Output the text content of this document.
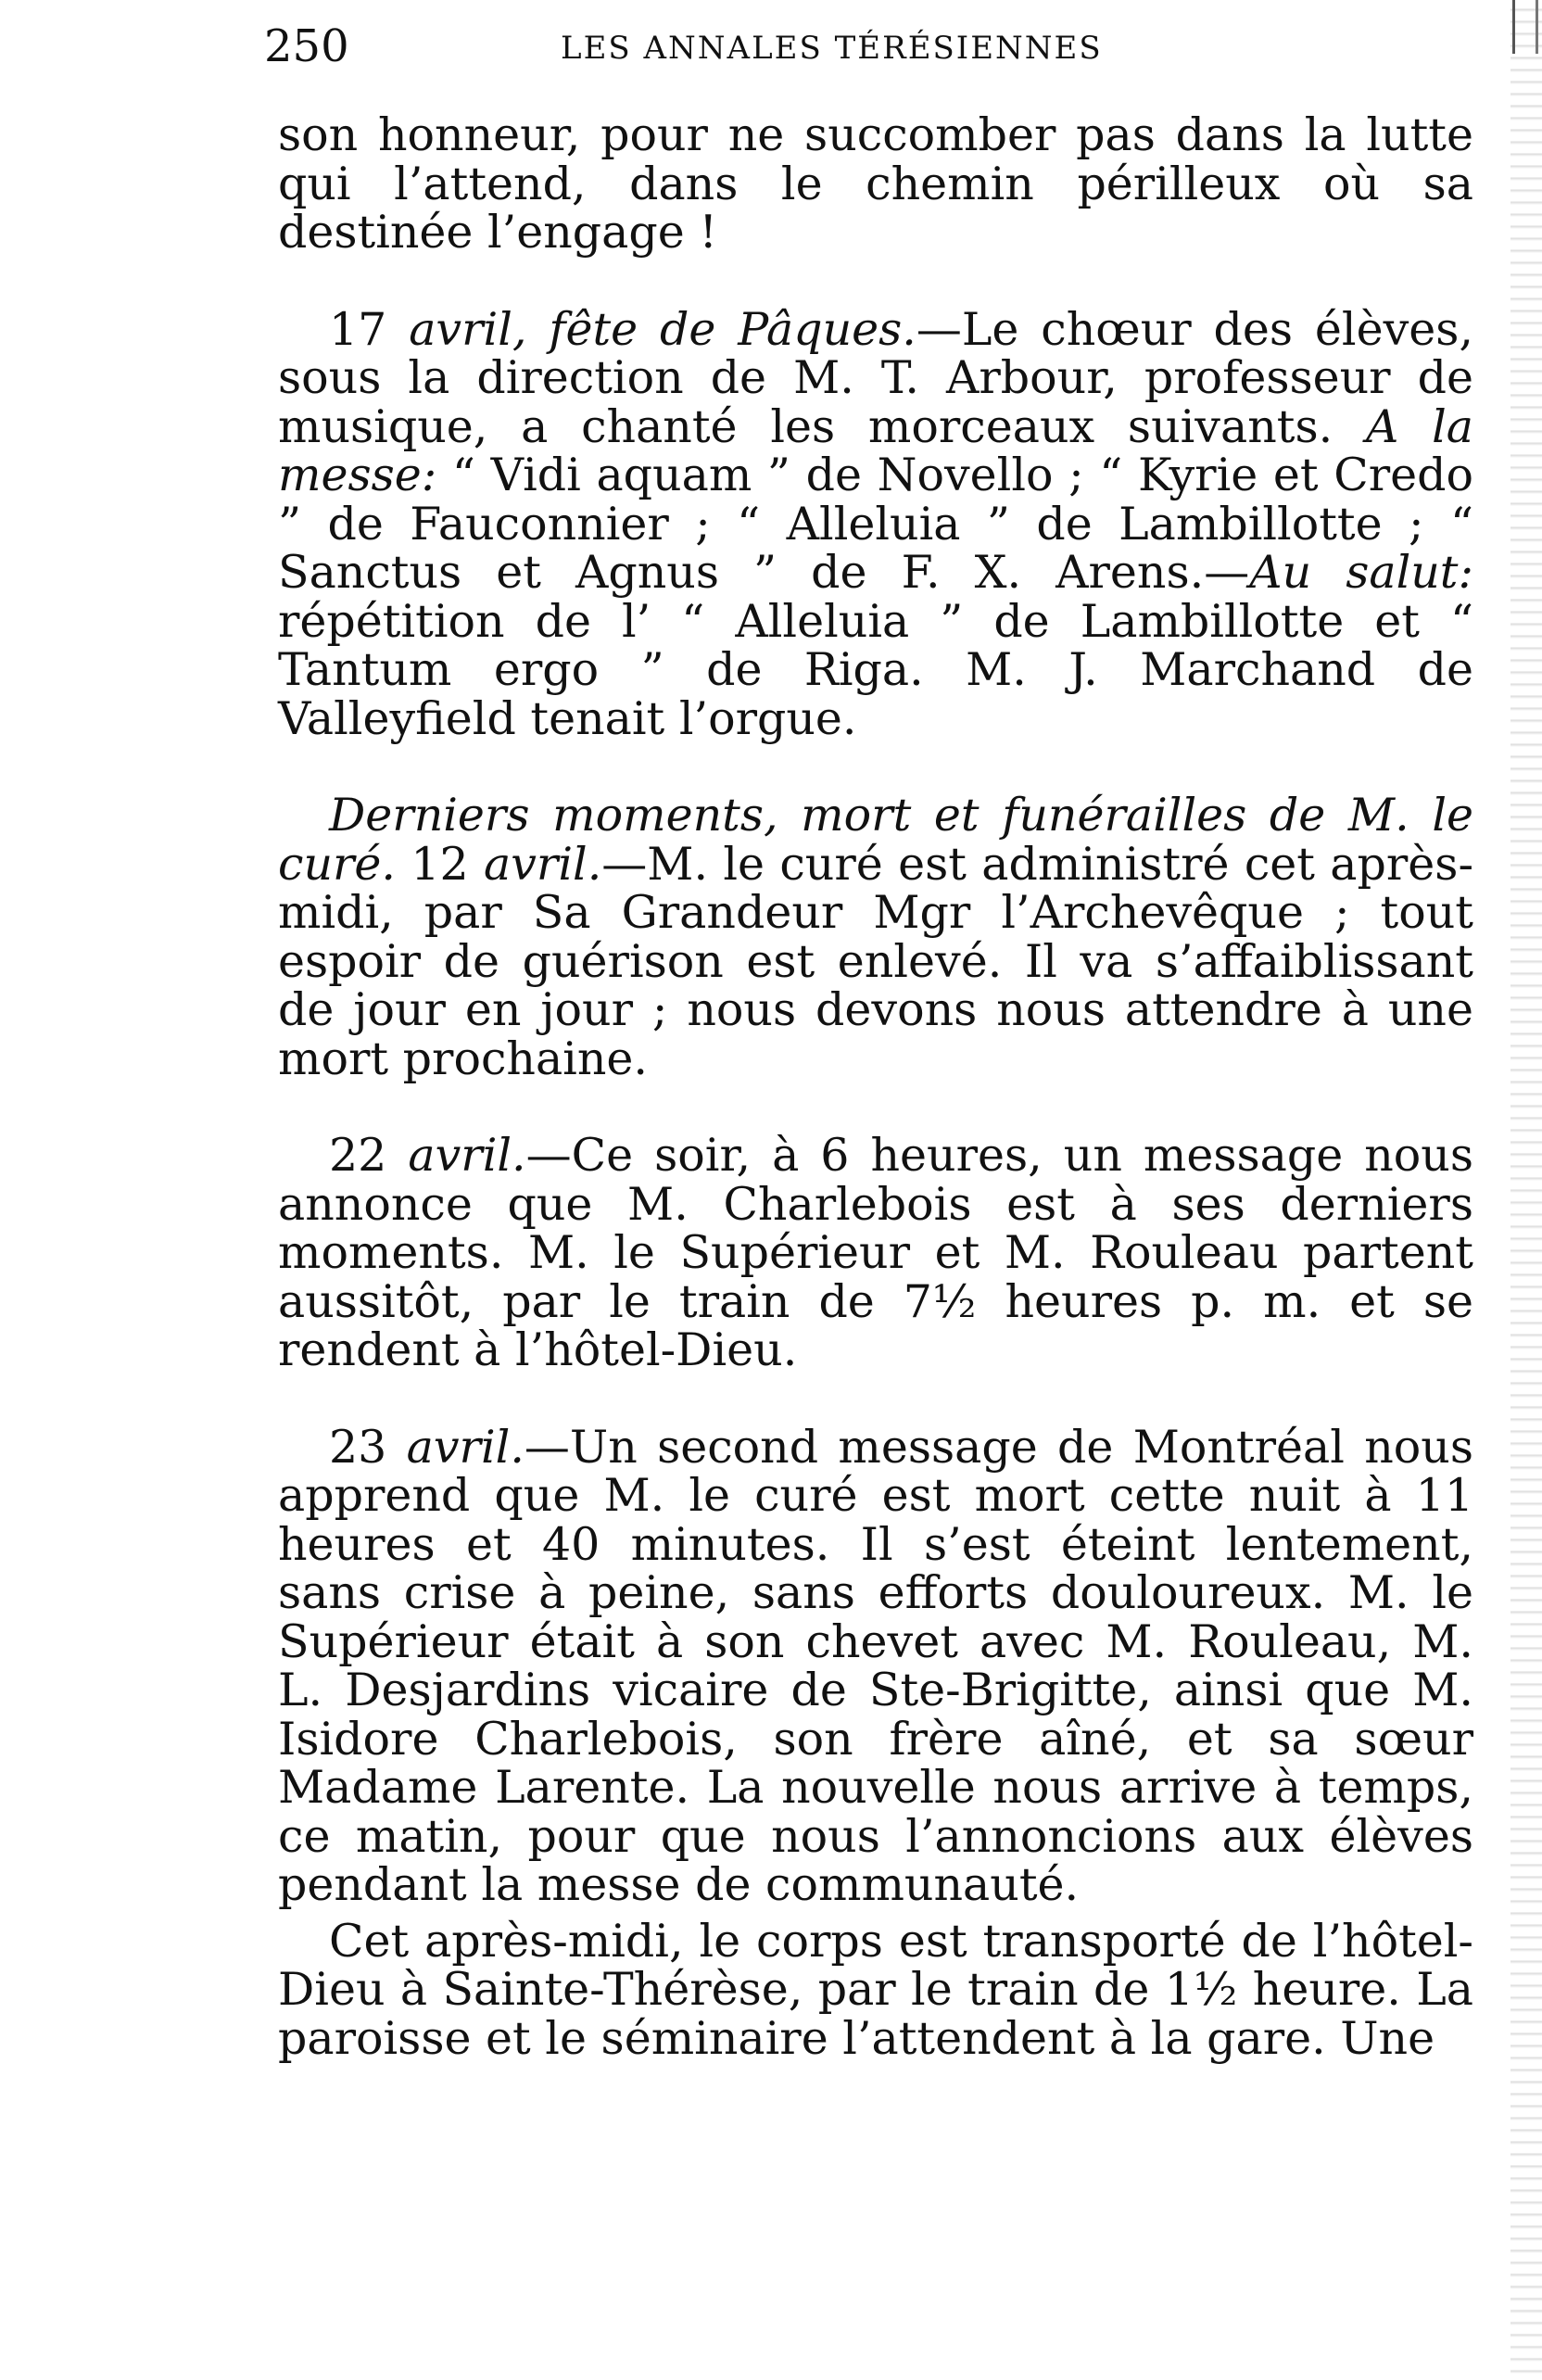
250	LES ANNALES TÉRÉSIENNES

son honneur, pour ne succomber pas dans la lutte qui l’attend, dans le chemin périlleux où sa destinée l’engage !

17 avril, fête de Pâques.—Le chœur des élèves, sous la direction de M. T. Arbour, professeur de musique, a chanté les morceaux suivants. A la messe: “ Vidi aquam ” de Novello ; “ Kyrie et Credo ” de Fauconnier ; “ Alleluia ” de Lambillotte ; “ Sanctus et Agnus ” de F. X. Arens.—Au salut: répétition de l’ “ Alleluia ” de Lambillotte et “ Tantum ergo ” de Riga. M. J. Marchand de Valleyfield tenait l’orgue.

Derniers moments, mort et funérailles de M. le curé. 12 avril.—M. le curé est administré cet après-midi, par Sa Grandeur Mgr l’Archevêque ; tout espoir de guérison est enlevé. Il va s’affaiblissant de jour en jour ; nous devons nous attendre à une mort prochaine.

22 avril.—Ce soir, à 6 heures, un message nous annonce que M. Charlebois est à ses derniers moments. M. le Supérieur et M. Rouleau partent aussitôt, par le train de 7½ heures p. m. et se rendent à l’hôtel-Dieu.

23 avril.—Un second message de Montréal nous apprend que M. le curé est mort cette nuit à 11 heures et 40 minutes. Il s’est éteint lentement, sans crise à peine, sans efforts douloureux. M. le Supérieur était à son chevet avec M. Rouleau, M. L. Desjardins vicaire de Ste-Brigitte, ainsi que M. Isidore Charlebois, son frère aîné, et sa sœur Madame Larente. La nouvelle nous arrive à temps, ce matin, pour que nous l’annoncions aux élèves pendant la messe de communauté.

Cet après-midi, le corps est transporté de l’hôtel-Dieu à Sainte-Thérèse, par le train de 1½ heure. La paroisse et le séminaire l’attendent à la gare. Une
